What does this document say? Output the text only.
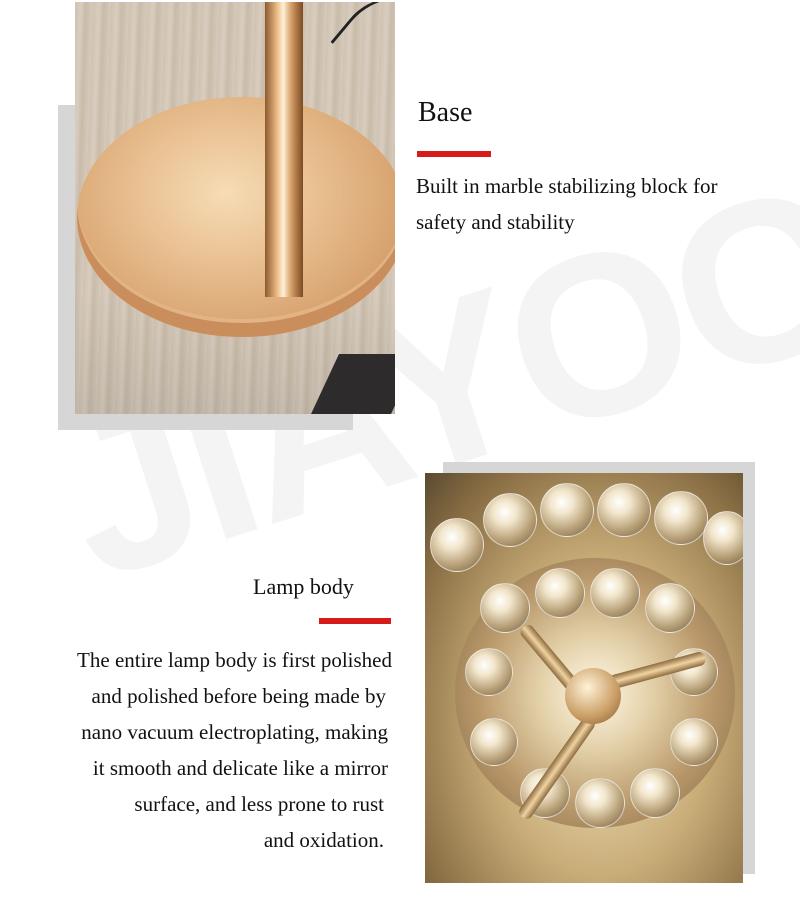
Base
Built in marble stabilizing block for
safety and stability
Lamp body
The entire lamp body is first polished
and polished before being made by
nano vacuum electroplating, making
it smooth and delicate like a mirror
surface, and less prone to rust
and oxidation.
